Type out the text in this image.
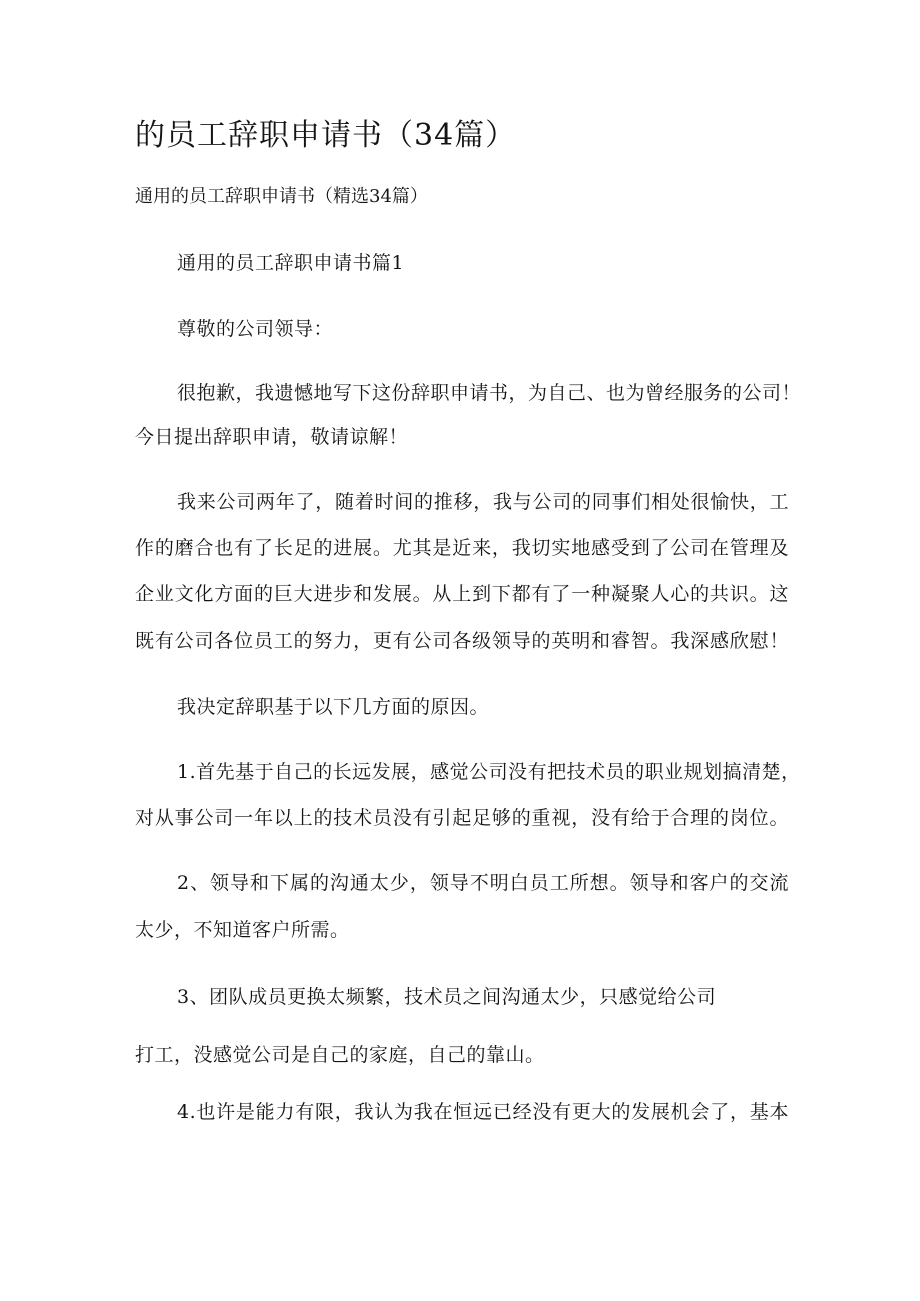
的员工辞职申请书（34篇）
通用的员工辞职申请书（精选34篇）
通用的员工辞职申请书篇1
尊敬的公司领导：
很抱歉，我遗憾地写下这份辞职申请书，为自己、也为曾经服务的公司！
今日提出辞职申请，敬请谅解！
我来公司两年了，随着时间的推移，我与公司的同事们相处很愉快，工
作的磨合也有了长足的进展。尤其是近来，我切实地感受到了公司在管理及
企业文化方面的巨大进步和发展。从上到下都有了一种凝聚人心的共识。这
既有公司各位员工的努力，更有公司各级领导的英明和睿智。我深感欣慰！
我决定辞职基于以下几方面的原因。
1.首先基于自己的长远发展，感觉公司没有把技术员的职业规划搞清楚，
对从事公司一年以上的技术员没有引起足够的重视，没有给于合理的岗位。
2、领导和下属的沟通太少，领导不明白员工所想。领导和客户的交流
太少，不知道客户所需。
3、团队成员更换太频繁，技术员之间沟通太少，只感觉给公司
打工，没感觉公司是自己的家庭，自己的靠山。
4.也许是能力有限，我认为我在恒远已经没有更大的发展机会了，基本
